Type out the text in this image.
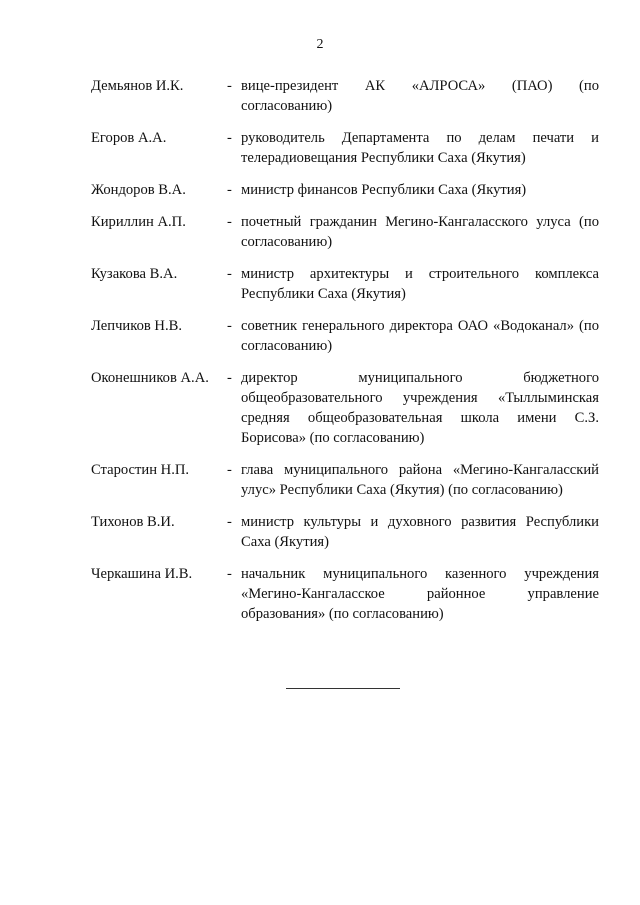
2
Демьянов И.К.	- вице-президент АК «АЛРОСА» (ПАО) (по согласованию)
Егоров А.А.	- руководитель Департамента по делам печати и телерадиовещания Республики Саха (Якутия)
Жондоров В.А.	- министр финансов Республики Саха (Якутия)
Кириллин А.П.	- почетный гражданин Мегино-Кангаласского улуса (по согласованию)
Кузакова В.А.	- министр архитектуры и строительного комплекса Республики Саха (Якутия)
Лепчиков Н.В.	- советник генерального директора ОАО «Водоканал» (по согласованию)
Оконешников А.А.	- директор муниципального бюджетного общеобразовательного учреждения «Тыллыминская средняя общеобразовательная школа имени С.З. Борисова» (по согласованию)
Старостин Н.П.	- глава муниципального района «Мегино-Кангаласский улус» Республики Саха (Якутия) (по согласованию)
Тихонов В.И.	- министр культуры и духовного развития Республики Саха (Якутия)
Черкашина И.В.	- начальник муниципального казенного учреждения «Мегино-Кангаласское районное управление образования» (по согласованию)
